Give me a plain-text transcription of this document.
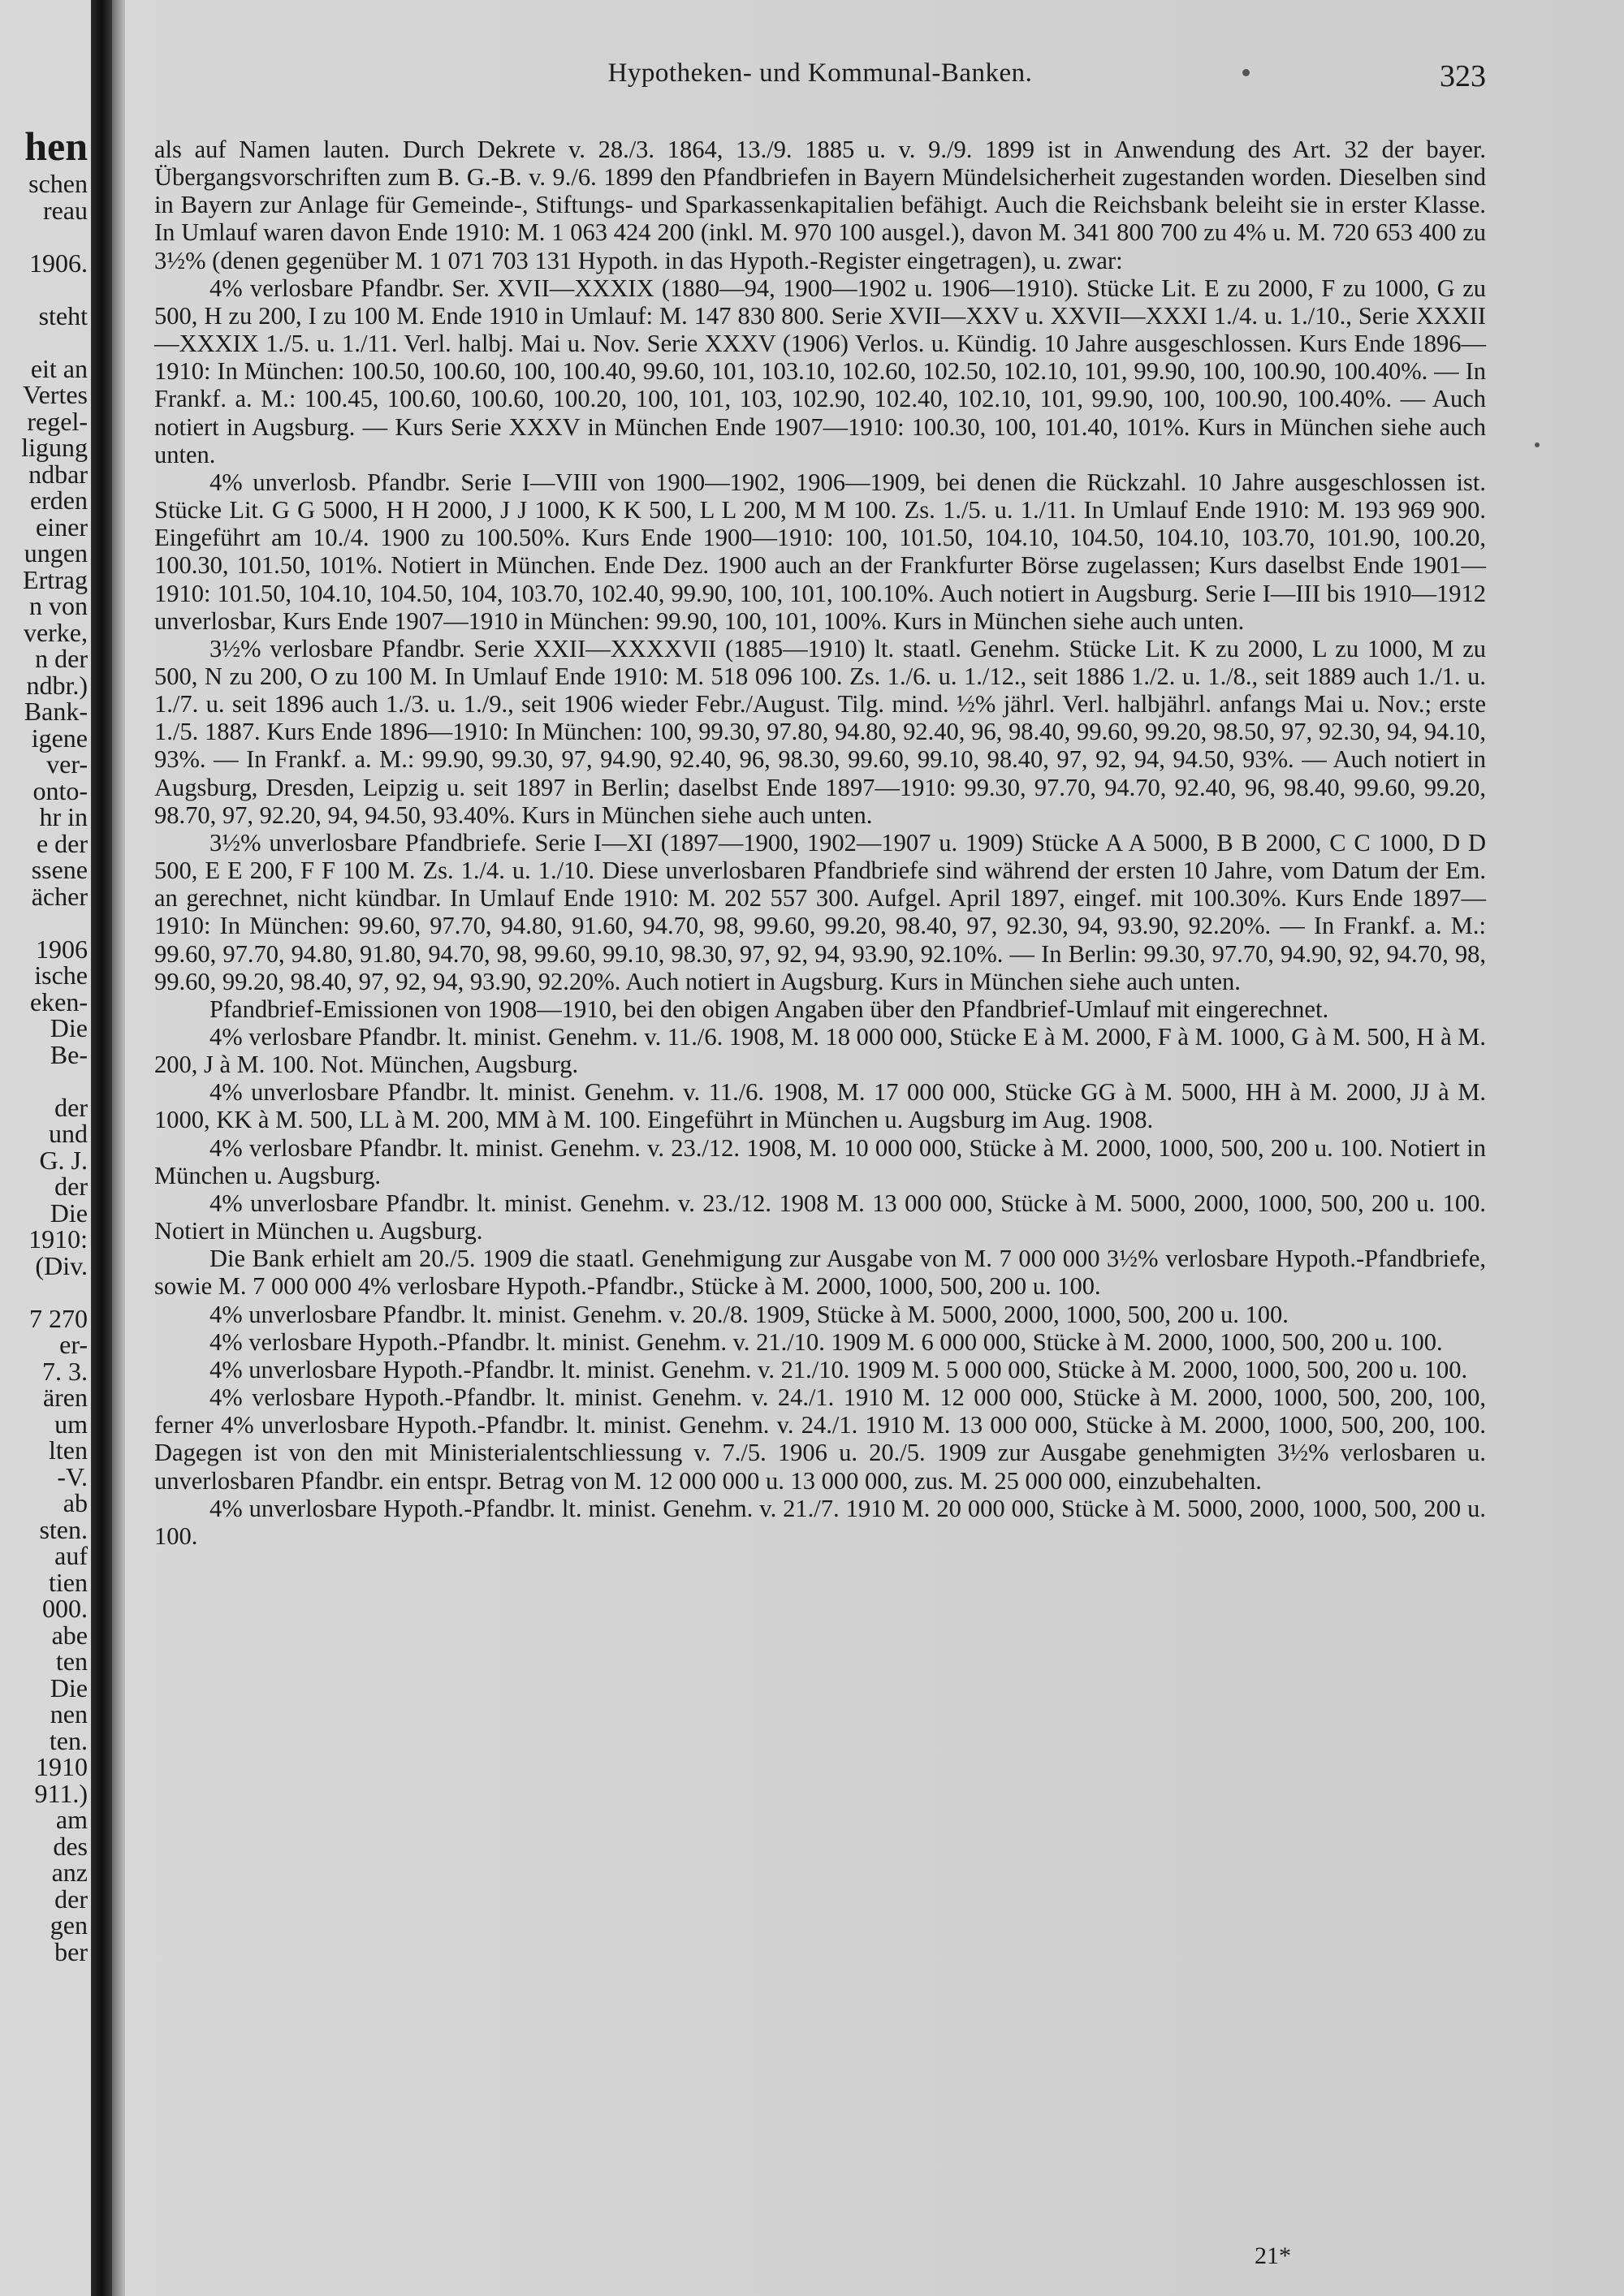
hen
schen
reau
1906.
steht
eit an
Vertes
regel-
ligung
ndbar
erden
einer
ungen
Ertrag
n von
verke,
n der
ndbr.)
Bank-
igene
ver-
onto-
hr in
e der
ssene
ächer
1906
ische
eken-
Die
Be-
der
und
G. J.
der
Die
1910:
(Div.
7 270
er-
7. 3.
ären
um
lten
-V.
ab
sten.
auf
tien
000.
abe
ten
Die
nen
ten.
1910
911.)
am
des
anz
der
gen
ber
Hypotheken- und Kommunal-Banken.	323

als auf Namen lauten. Durch Dekrete v. 28./3. 1864, 13./9. 1885 u. v. 9./9. 1899 ist in Anwendung des Art. 32 der bayer. Übergangsvorschriften zum B. G.-B. v. 9./6. 1899 den Pfandbriefen in Bayern Mündelsicherheit zugestanden worden. Dieselben sind in Bayern zur Anlage für Gemeinde-, Stiftungs- und Sparkassenkapitalien befähigt. Auch die Reichsbank beleiht sie in erster Klasse. In Umlauf waren davon Ende 1910: M. 1 063 424 200 (inkl. M. 970 100 ausgel.), davon M. 341 800 700 zu 4% u. M. 720 653 400 zu 3½% (denen gegenüber M. 1 071 703 131 Hypoth. in das Hypoth.-Register eingetragen), u. zwar:

4% verlosbare Pfandbr. Ser. XVII—XXXIX (1880—94, 1900—1902 u. 1906—1910). Stücke Lit. E zu 2000, F zu 1000, G zu 500, H zu 200, I zu 100 M. Ende 1910 in Umlauf: M. 147 830 800. Serie XVII—XXV u. XXVII—XXXI 1./4. u. 1./10., Serie XXXII—XXXIX 1./5. u. 1./11. Verl. halbj. Mai u. Nov. Serie XXXV (1906) Verlos. u. Kündig. 10 Jahre ausgeschlossen. Kurs Ende 1896—1910: In München: 100.50, 100.60, 100, 100.40, 99.60, 101, 103.10, 102.60, 102.50, 102.10, 101, 99.90, 100, 100.90, 100.40%. — In Frankf. a. M.: 100.45, 100.60, 100.60, 100.20, 100, 101, 103, 102.90, 102.40, 102.10, 101, 99.90, 100, 100.90, 100.40%. — Auch notiert in Augsburg. — Kurs Serie XXXV in München Ende 1907—1910: 100.30, 100, 101.40, 101%. Kurs in München siehe auch unten.

4% unverlosb. Pfandbr. Serie I—VIII von 1900—1902, 1906—1909, bei denen die Rückzahl. 10 Jahre ausgeschlossen ist. Stücke Lit. G G 5000, H H 2000, J J 1000, K K 500, L L 200, M M 100. Zs. 1./5. u. 1./11. In Umlauf Ende 1910: M. 193 969 900. Eingeführt am 10./4. 1900 zu 100.50%. Kurs Ende 1900—1910: 100, 101.50, 104.10, 104.50, 104.10, 103.70, 101.90, 100.20, 100.30, 101.50, 101%. Notiert in München. Ende Dez. 1900 auch an der Frankfurter Börse zugelassen; Kurs daselbst Ende 1901—1910: 101.50, 104.10, 104.50, 104, 103.70, 102.40, 99.90, 100, 101, 100.10%. Auch notiert in Augsburg. Serie I—III bis 1910—1912 unverlosbar, Kurs Ende 1907—1910 in München: 99.90, 100, 101, 100%. Kurs in München siehe auch unten.

3½% verlosbare Pfandbr. Serie XXII—XXXXVII (1885—1910) lt. staatl. Genehm. Stücke Lit. K zu 2000, L zu 1000, M zu 500, N zu 200, O zu 100 M. In Umlauf Ende 1910: M. 518 096 100. Zs. 1./6. u. 1./12., seit 1886 1./2. u. 1./8., seit 1889 auch 1./1. u. 1./7. u. seit 1896 auch 1./3. u. 1./9., seit 1906 wieder Febr./August. Tilg. mind. ½% jährl. Verl. halbjährl. anfangs Mai u. Nov.; erste 1./5. 1887. Kurs Ende 1896—1910: In München: 100, 99.30, 97.80, 94.80, 92.40, 96, 98.40, 99.60, 99.20, 98.50, 97, 92.30, 94, 94.10, 93%. — In Frankf. a. M.: 99.90, 99.30, 97, 94.90, 92.40, 96, 98.30, 99.60, 99.10, 98.40, 97, 92, 94, 94.50, 93%. — Auch notiert in Augsburg, Dresden, Leipzig u. seit 1897 in Berlin; daselbst Ende 1897—1910: 99.30, 97.70, 94.70, 92.40, 96, 98.40, 99.60, 99.20, 98.70, 97, 92.20, 94, 94.50, 93.40%. Kurs in München siehe auch unten.

3½% unverlosbare Pfandbriefe. Serie I—XI (1897—1900, 1902—1907 u. 1909) Stücke A A 5000, B B 2000, C C 1000, D D 500, E E 200, F F 100 M. Zs. 1./4. u. 1./10. Diese unverlosbaren Pfandbriefe sind während der ersten 10 Jahre, vom Datum der Em. an gerechnet, nicht kündbar. In Umlauf Ende 1910: M. 202 557 300. Aufgel. April 1897, eingef. mit 100.30%. Kurs Ende 1897—1910: In München: 99.60, 97.70, 94.80, 91.60, 94.70, 98, 99.60, 99.20, 98.40, 97, 92.30, 94, 93.90, 92.20%. — In Frankf. a. M.: 99.60, 97.70, 94.80, 91.80, 94.70, 98, 99.60, 99.10, 98.30, 97, 92, 94, 93.90, 92.10%. — In Berlin: 99.30, 97.70, 94.90, 92, 94.70, 98, 99.60, 99.20, 98.40, 97, 92, 94, 93.90, 92.20%. Auch notiert in Augsburg. Kurs in München siehe auch unten.

Pfandbrief-Emissionen von 1908—1910, bei den obigen Angaben über den Pfandbrief-Umlauf mit eingerechnet.

4% verlosbare Pfandbr. lt. minist. Genehm. v. 11./6. 1908, M. 18 000 000, Stücke E à M. 2000, F à M. 1000, G à M. 500, H à M. 200, J à M. 100. Not. München, Augsburg.

4% unverlosbare Pfandbr. lt. minist. Genehm. v. 11./6. 1908, M. 17 000 000, Stücke GG à M. 5000, HH à M. 2000, JJ à M. 1000, KK à M. 500, LL à M. 200, MM à M. 100. Eingeführt in München u. Augsburg im Aug. 1908.

4% verlosbare Pfandbr. lt. minist. Genehm. v. 23./12. 1908, M. 10 000 000, Stücke à M. 2000, 1000, 500, 200 u. 100. Notiert in München u. Augsburg.

4% unverlosbare Pfandbr. lt. minist. Genehm. v. 23./12. 1908 M. 13 000 000, Stücke à M. 5000, 2000, 1000, 500, 200 u. 100. Notiert in München u. Augsburg.

Die Bank erhielt am 20./5. 1909 die staatl. Genehmigung zur Ausgabe von M. 7 000 000 3½% verlosbare Hypoth.-Pfandbriefe, sowie M. 7 000 000 4% verlosbare Hypoth.-Pfandbr., Stücke à M. 2000, 1000, 500, 200 u. 100.

4% unverlosbare Pfandbr. lt. minist. Genehm. v. 20./8. 1909, Stücke à M. 5000, 2000, 1000, 500, 200 u. 100.

4% verlosbare Hypoth.-Pfandbr. lt. minist. Genehm. v. 21./10. 1909 M. 6 000 000, Stücke à M. 2000, 1000, 500, 200 u. 100.

4% unverlosbare Hypoth.-Pfandbr. lt. minist. Genehm. v. 21./10. 1909 M. 5 000 000, Stücke à M. 2000, 1000, 500, 200 u. 100.

4% verlosbare Hypoth.-Pfandbr. lt. minist. Genehm. v. 24./1. 1910 M. 12 000 000, Stücke à M. 2000, 1000, 500, 200, 100, ferner 4% unverlosbare Hypoth.-Pfandbr. lt. minist. Genehm. v. 24./1. 1910 M. 13 000 000, Stücke à M. 2000, 1000, 500, 200, 100. Dagegen ist von den mit Ministerialentschliessung v. 7./5. 1906 u. 20./5. 1909 zur Ausgabe genehmigten 3½% verlosbaren u. unverlosbaren Pfandbr. ein entspr. Betrag von M. 12 000 000 u. 13 000 000, zus. M. 25 000 000, einzubehalten.

4% unverlosbare Hypoth.-Pfandbr. lt. minist. Genehm. v. 21./7. 1910 M. 20 000 000, Stücke à M. 5000, 2000, 1000, 500, 200 u. 100.

21*
